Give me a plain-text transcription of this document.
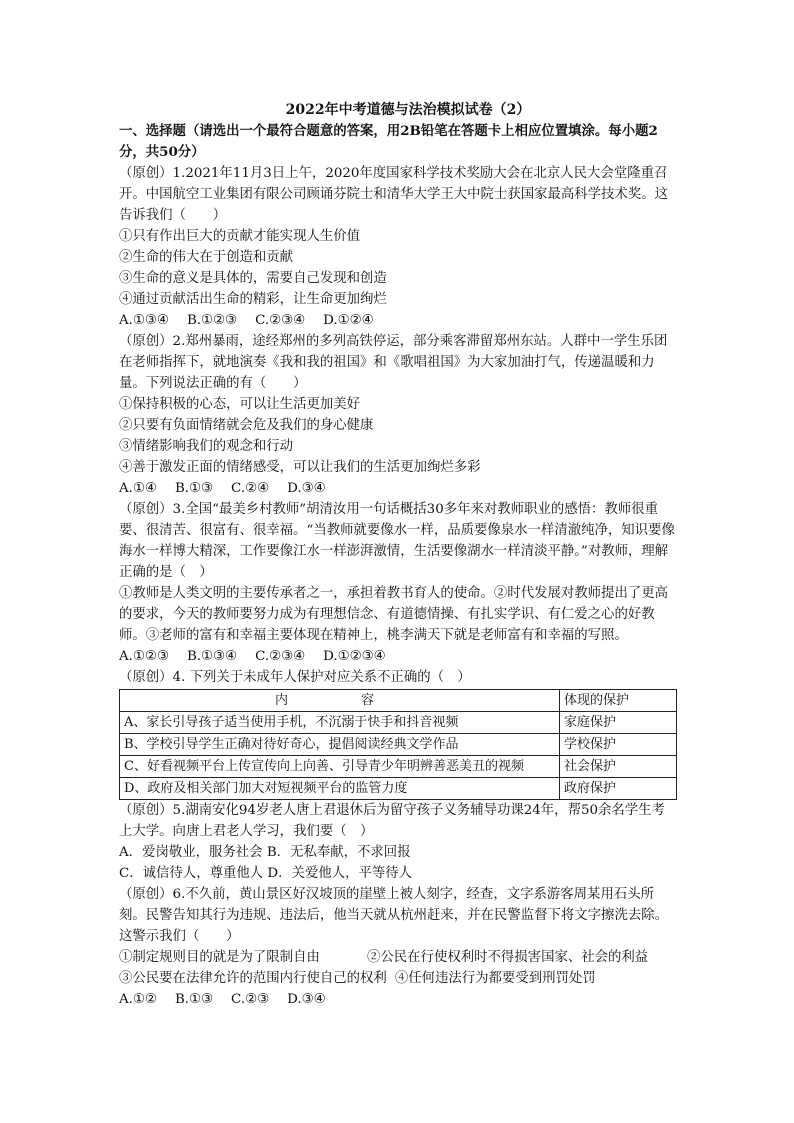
2022年中考道德与法治模拟试卷（2）

一、选择题（请选出一个最符合题意的答案，用2B铅笔在答题卡上相应位置填涂。每小题2分，共50分）

（原创）1.2021年11月3日上午，2020年度国家科学技术奖励大会在北京人民大会堂隆重召开。中国航空工业集团有限公司顾诵芬院士和清华大学王大中院士获国家最高科学技术奖。这告诉我们（　　）

①只有作出巨大的贡献才能实现人生价值

②生命的伟大在于创造和贡献

③生命的意义是具体的，需要自己发现和创造

④通过贡献活出生命的精彩，让生命更加绚烂

A.①③④ B.①②③ C.②③④ D.①②④

（原创）2.郑州暴雨，途经郑州的多列高铁停运，部分乘客滞留郑州东站。人群中一学生乐团在老师指挥下，就地演奏《我和我的祖国》和《歌唱祖国》为大家加油打气，传递温暖和力量。下列说法正确的有（　　）

①保持积极的心态，可以让生活更加美好

②只要有负面情绪就会危及我们的身心健康

③情绪影响我们的观念和行动

④善于激发正面的情绪感受，可以让我们的生活更加绚烂多彩

A.①④ B.①③ C.②④ D.③④

（原创）3.全国“最美乡村教师”胡清汝用一句话概括30多年来对教师职业的感悟：教师很重要、很清苦、很富有、很幸福。“当教师就要像水一样，品质要像泉水一样清澈纯净，知识要像海水一样博大精深，工作要像江水一样澎湃激情，生活要像湖水一样清淡平静。”对教师，理解正确的是（　）

①教师是人类文明的主要传承者之一，承担着教书育人的使命。②时代发展对教师提出了更高的要求，今天的教师要努力成为有理想信念、有道德情操、有扎实学识、有仁爱之心的好教师。③老师的富有和幸福主要体现在精神上，桃李满天下就是老师富有和幸福的写照。

A.①②③ B.①③④ C.②③④ D.①②③④

（原创）4. 下列关于未成年人保护对应关系不正确的（　）

内　容	体现的保护
A、家长引导孩子适当使用手机，不沉溺于快手和抖音视频	家庭保护
B、学校引导学生正确对待好奇心，提倡阅读经典文学作品	学校保护
C、好看视频平台上传宣传向上向善、引导青少年明辨善恶美丑的视频	社会保护
D、政府及相关部门加大对短视频平台的监管力度	政府保护

（原创）5.湖南安化94岁老人唐上君退休后为留守孩子义务辅导功课24年，帮50余名学生考上大学。向唐上君老人学习，我们要（　）

A．爱岗敬业，服务社会 B．无私奉献，不求回报

C．诚信待人，尊重他人 D．关爱他人，平等待人

（原创）6.不久前，黄山景区好汉坡顶的崖壁上被人刻字，经查，文字系游客周某用石头所刻。民警告知其行为违规、违法后，他当天就从杭州赶来，并在民警监督下将文字擦洗去除。这警示我们（　　）

①制定规则目的就是为了限制自由	②公民在行使权利时不得损害国家、社会的利益

③公民要在法律允许的范围内行使自己的权利 ④任何违法行为都要受到刑罚处罚

A.①② B.①③ C.②③ D.③④
